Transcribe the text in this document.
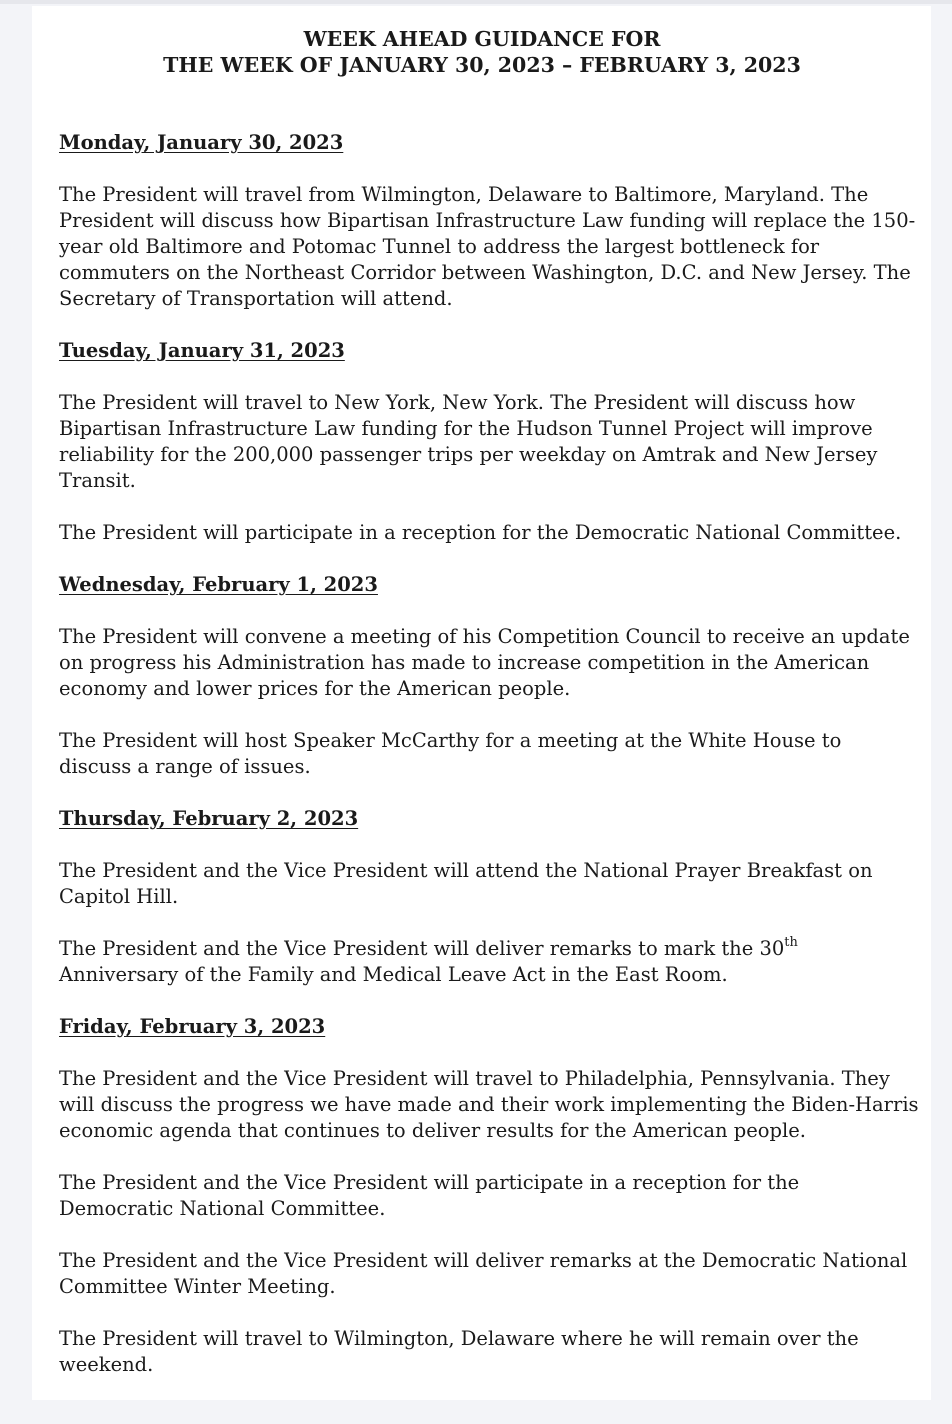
WEEK AHEAD GUIDANCE FOR
THE WEEK OF JANUARY 30, 2023 – FEBRUARY 3, 2023
Monday, January 30, 2023

The President will travel from Wilmington, Delaware to Baltimore, Maryland. The President will discuss how Bipartisan Infrastructure Law funding will replace the 150-year old Baltimore and Potomac Tunnel to address the largest bottleneck for commuters on the Northeast Corridor between Washington, D.C. and New Jersey. The Secretary of Transportation will attend.

Tuesday, January 31, 2023

The President will travel to New York, New York. The President will discuss how Bipartisan Infrastructure Law funding for the Hudson Tunnel Project will improve reliability for the 200,000 passenger trips per weekday on Amtrak and New Jersey Transit.

The President will participate in a reception for the Democratic National Committee.

Wednesday, February 1, 2023

The President will convene a meeting of his Competition Council to receive an update on progress his Administration has made to increase competition in the American economy and lower prices for the American people.

The President will host Speaker McCarthy for a meeting at the White House to discuss a range of issues.

Thursday, February 2, 2023

The President and the Vice President will attend the National Prayer Breakfast on Capitol Hill.

The President and the Vice President will deliver remarks to mark the 30th Anniversary of the Family and Medical Leave Act in the East Room.

Friday, February 3, 2023

The President and the Vice President will travel to Philadelphia, Pennsylvania. They will discuss the progress we have made and their work implementing the Biden-Harris economic agenda that continues to deliver results for the American people.

The President and the Vice President will participate in a reception for the Democratic National Committee.

The President and the Vice President will deliver remarks at the Democratic National Committee Winter Meeting.

The President will travel to Wilmington, Delaware where he will remain over the weekend.
